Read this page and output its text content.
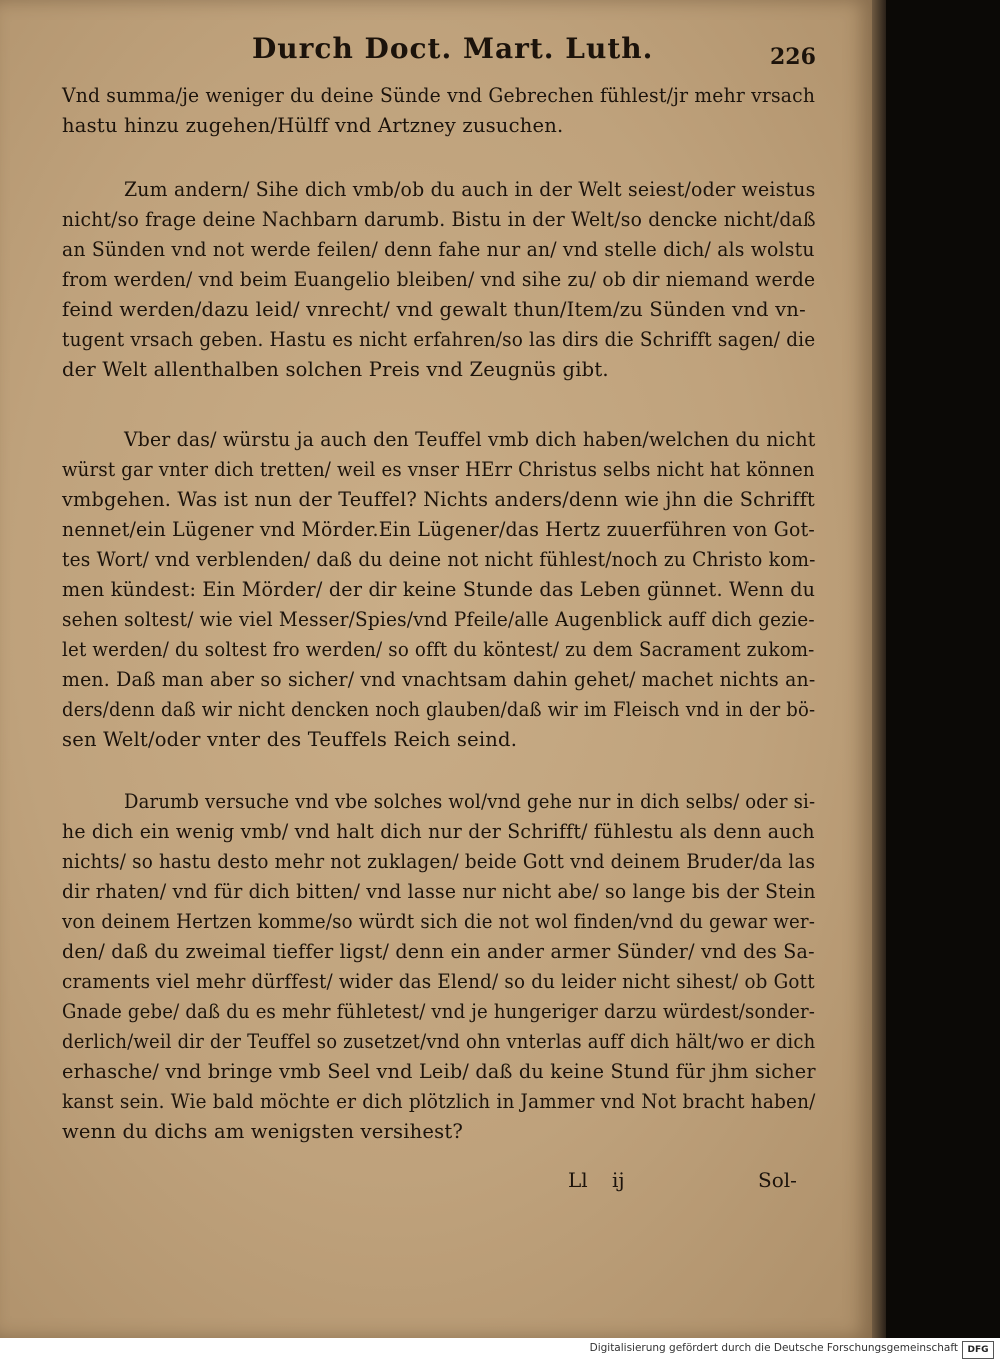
Durch Doct. Mart. Luth.	226
Vnd summa/je weniger du deine Sünde vnd Gebrechen fühlest/jr mehr vrsach
hastu hinzu zugehen/Hülff vnd Artzney zusuchen.
Zum andern/ Sihe dich vmb/ob du auch in der Welt seiest/oder weistus
nicht/so frage deine Nachbarn darumb. Bistu in der Welt/so dencke nicht/daß
an Sünden vnd not werde feilen/ denn fahe nur an/ vnd stelle dich/ als wolstu
from werden/ vnd beim Euangelio bleiben/ vnd sihe zu/ ob dir niemand werde
feind werden/dazu leid/ vnrecht/ vnd gewalt thun/Item/zu Sünden vnd vn-
tugent vrsach geben. Hastu es nicht erfahren/so las dirs die Schrifft sagen/ die
der Welt allenthalben solchen Preis vnd Zeugnüs gibt.
Vber das/ würstu ja auch den Teuffel vmb dich haben/welchen du nicht
würst gar vnter dich tretten/ weil es vnser HErr Christus selbs nicht hat können
vmbgehen. Was ist nun der Teuffel? Nichts anders/denn wie jhn die Schrifft
nennet/ein Lügener vnd Mörder.Ein Lügener/das Hertz zuuerführen von Got-
tes Wort/ vnd verblenden/ daß du deine not nicht fühlest/noch zu Christo kom-
men kündest: Ein Mörder/ der dir keine Stunde das Leben günnet. Wenn du
sehen soltest/ wie viel Messer/Spies/vnd Pfeile/alle Augenblick auff dich gezie-
let werden/ du soltest fro werden/ so offt du köntest/ zu dem Sacrament zukom-
men. Daß man aber so sicher/ vnd vnachtsam dahin gehet/ machet nichts an-
ders/denn daß wir nicht dencken noch glauben/daß wir im Fleisch vnd in der bö-
sen Welt/oder vnter des Teuffels Reich seind.
Darumb versuche vnd vbe solches wol/vnd gehe nur in dich selbs/ oder si-
he dich ein wenig vmb/ vnd halt dich nur der Schrifft/ fühlestu als denn auch
nichts/ so hastu desto mehr not zuklagen/ beide Gott vnd deinem Bruder/da las
dir rhaten/ vnd für dich bitten/ vnd lasse nur nicht abe/ so lange bis der Stein
von deinem Hertzen komme/so würdt sich die not wol finden/vnd du gewar wer-
den/ daß du zweimal tieffer ligst/ denn ein ander armer Sünder/ vnd des Sa-
craments viel mehr dürffest/ wider das Elend/ so du leider nicht sihest/ ob Gott
Gnade gebe/ daß du es mehr fühletest/ vnd je hungeriger darzu würdest/sonder-
derlich/weil dir der Teuffel so zusetzet/vnd ohn vnterlas auff dich hält/wo er dich
erhasche/ vnd bringe vmb Seel vnd Leib/ daß du keine Stund für jhm sicher
kanst sein. Wie bald möchte er dich plötzlich in Jammer vnd Not bracht haben/
wenn du dichs am wenigsten versihest?
Ll ij	Sol-
Digitalisierung gefördert durch die Deutsche Forschungsgemeinschaft	DFG
